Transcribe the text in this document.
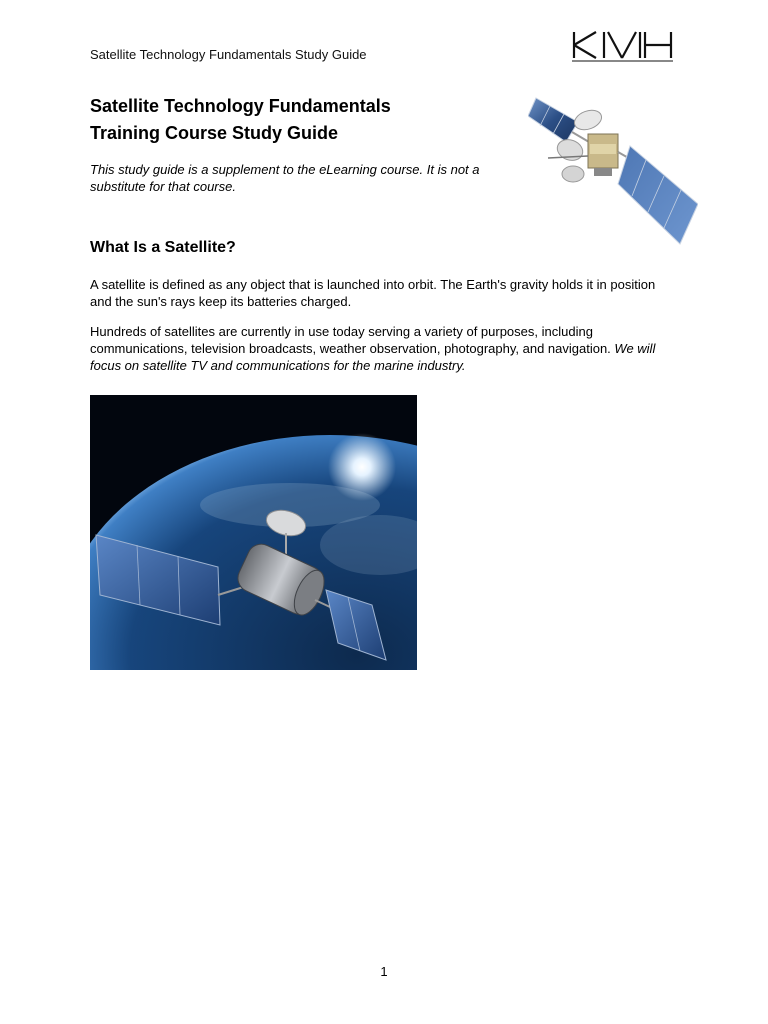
Satellite Technology Fundamentals Study Guide
Satellite Technology Fundamentals
Training Course Study Guide

This study guide is a supplement to the eLearning course. It is not a substitute for that course.

What Is a Satellite?

A satellite is defined as any object that is launched into orbit. The Earth's gravity holds it in position and the sun's rays keep its batteries charged.

Hundreds of satellites are currently in use today serving a variety of purposes, including communications, television broadcasts, weather observation, photography, and navigation. We will focus on satellite TV and communications for the marine industry.

1
